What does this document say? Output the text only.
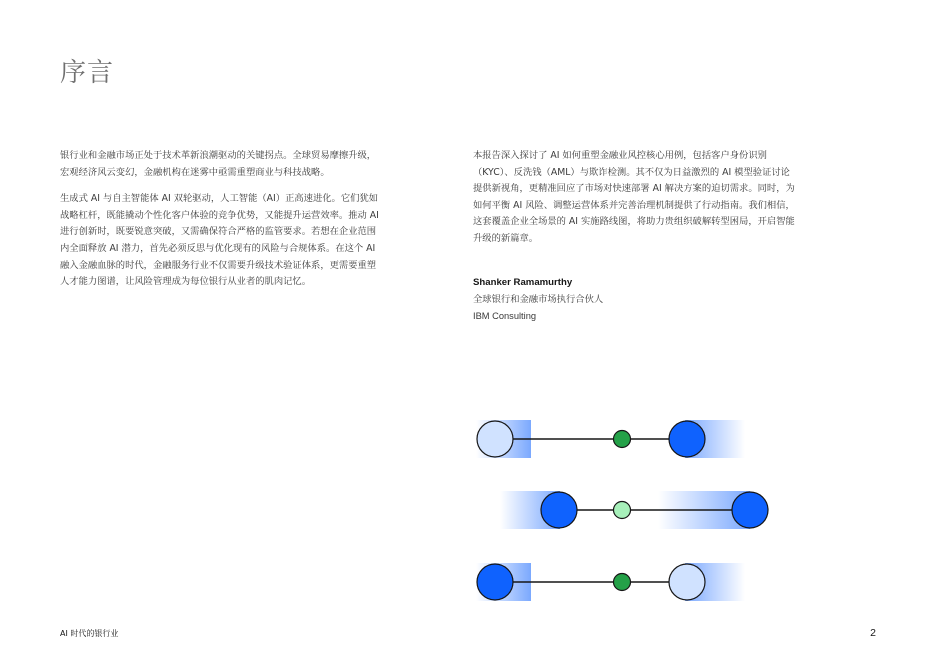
序言

银行业和金融市场正处于技术革新浪潮驱动的关键拐点。全球贸易摩擦升级，宏观经济风云变幻，金融机构在迷雾中亟需重塑商业与科技战略。

生成式 AI 与自主智能体 AI 双轮驱动，人工智能（AI）正高速进化。它们犹如战略杠杆，既能撬动个性化客户体验的竞争优势，又能提升运营效率。推动 AI 进行创新时，既要锐意突破，又需确保符合严格的监管要求。若想在企业范围内全面释放 AI 潜力，首先必须反思与优化现有的风险与合规体系。在这个 AI 融入金融血脉的时代，金融服务行业不仅需要升级技术验证体系，更需要重塑人才能力图谱，让风险管理成为每位银行从业者的肌肉记忆。

本报告深入探讨了 AI 如何重塑金融业风控核心用例，包括客户身份识别（KYC）、反洗钱（AML）与欺诈检测。其不仅为日益激烈的 AI 模型验证讨论提供新视角，更精准回应了市场对快速部署 AI 解决方案的迫切需求。同时，为如何平衡 AI 风险、调整运营体系并完善治理机制提供了行动指南。我们相信，这套覆盖企业全场景的 AI 实施路线图，将助力贵组织破解转型困局，开启智能升级的新篇章。

Shanker Ramamurthy
全球银行和金融市场执行合伙人
IBM Consulting
AI 时代的银行业	2
